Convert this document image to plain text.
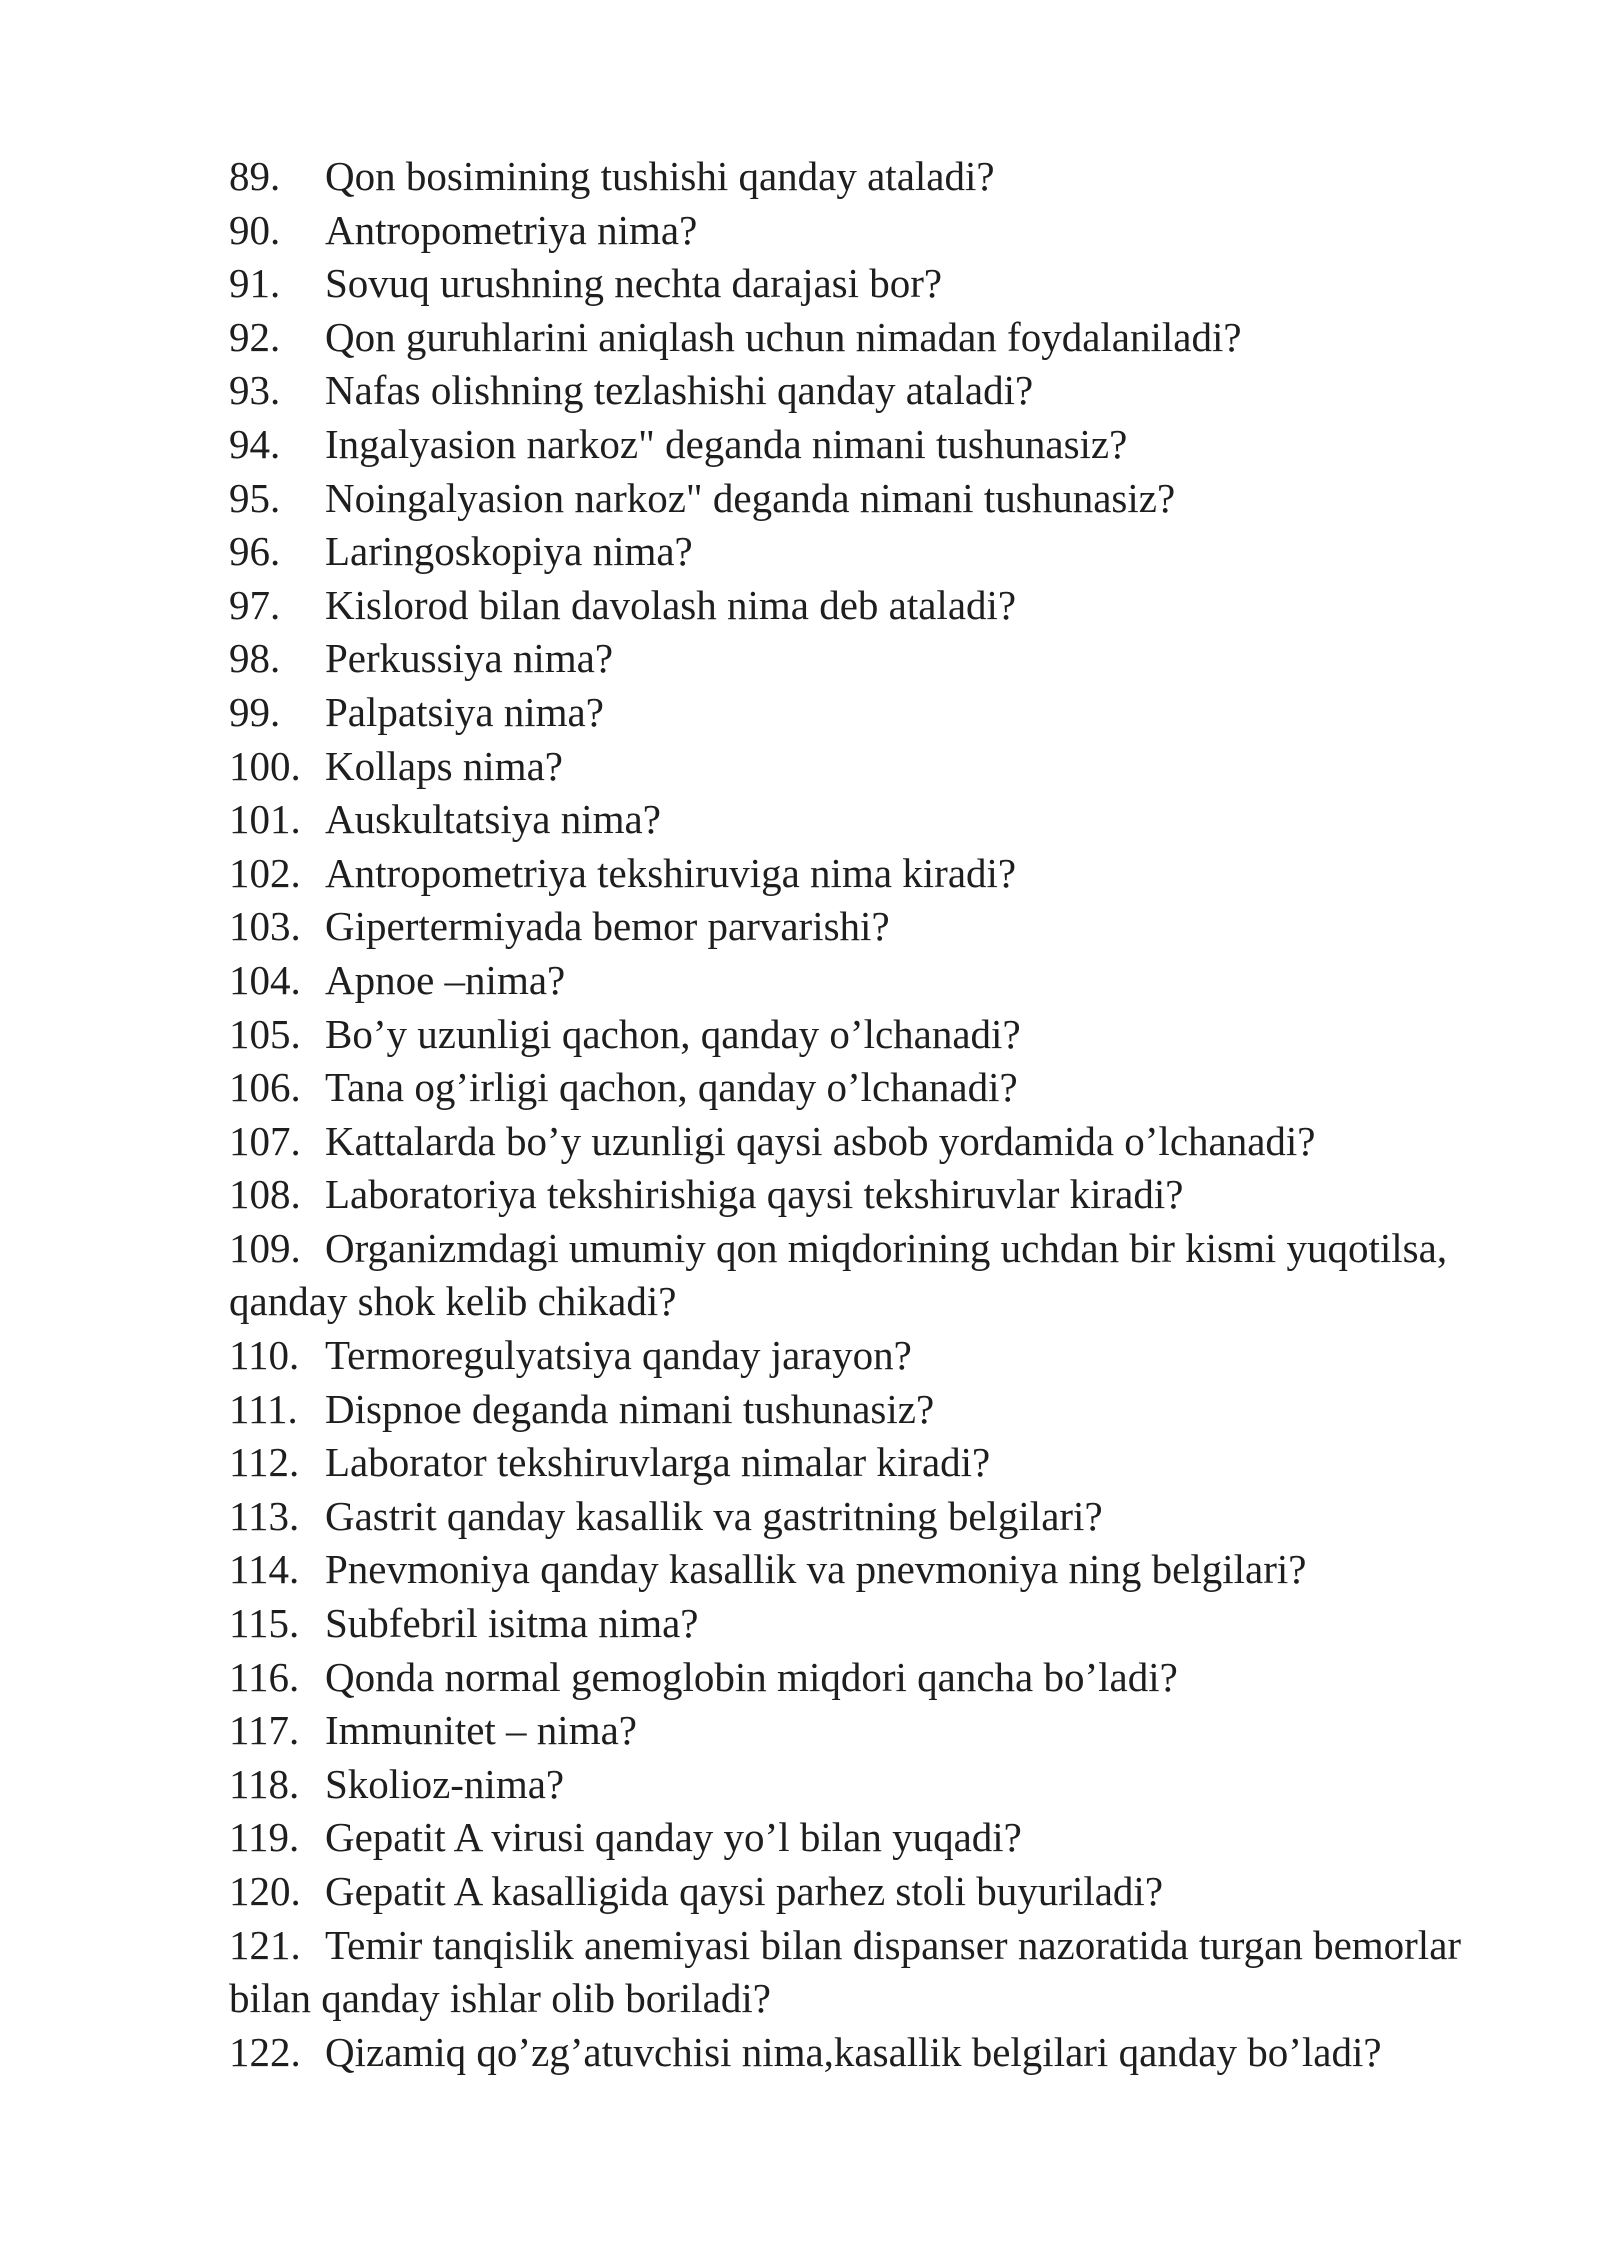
89. Qon bosimining tushishi qanday ataladi?
90. Antropometriya nima?
91. Sovuq urushning nechta darajasi bor?
92. Qon guruhlarini aniqlash uchun nimadan foydalaniladi?
93. Nafas olishning tezlashishi qanday ataladi?
94. Ingalyasion narkoz" deganda nimani tushunasiz?
95. Noingalyasion narkoz" deganda nimani tushunasiz?
96. Laringoskopiya nima?
97. Kislorod bilan davolash nima deb ataladi?
98. Perkussiya nima?
99. Palpatsiya nima?
100. Kollaps nima?
101. Auskultatsiya nima?
102. Antropometriya tekshiruviga nima kiradi?
103. Gipertermiyada bemor parvarishi?
104. Apnoe –nima?
105. Bo’y uzunligi qachon, qanday o’lchanadi?
106. Tana og’irligi qachon, qanday o’lchanadi?
107. Kattalarda bo’y uzunligi qaysi asbob yordamida o’lchanadi?
108. Laboratoriya tekshirishiga qaysi tekshiruvlar kiradi?
109. Organizmdagi umumiy qon miqdorining uchdan bir kismi yuqotilsa, qanday shok kelib chikadi?
110. Termoregulyatsiya qanday jarayon?
111. Dispnoe deganda nimani tushunasiz?
112. Laborator tekshiruvlarga nimalar kiradi?
113. Gastrit qanday kasallik va gastritning belgilari?
114. Pnevmoniya qanday kasallik va pnevmoniya ning belgilari?
115. Subfebril isitma nima?
116. Qonda normal gemoglobin miqdori qancha bo’ladi?
117. Immunitet – nima?
118. Skolioz-nima?
119. Gepatit A virusi qanday yo’l bilan yuqadi?
120. Gepatit A kasalligida qaysi parhez stoli buyuriladi?
121. Temir tanqislik anemiyasi bilan dispanser nazoratida turgan bemorlar bilan qanday ishlar olib boriladi?
122. Qizamiq qo’zg’atuvchisi nima,kasallik belgilari qanday bo’ladi?
